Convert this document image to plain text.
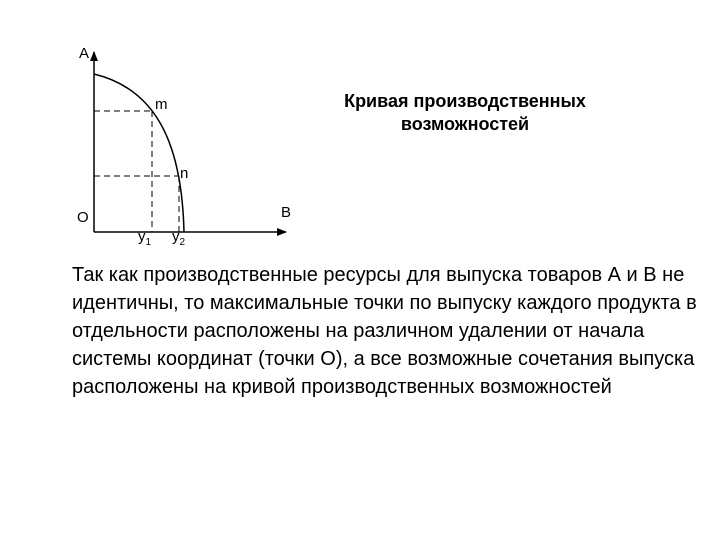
A
B
O
m
n
$y_1$ $y_2$
Кривая производственных
возможностей

Так как производственные ресурсы для выпуска товаров А и В не идентичны, то максимальные точки по выпуску каждого продукта в отдельности расположены на различном удалении от начала системы координат (точки О), а все возможные сочетания выпуска расположены на кривой производственных возможностей
